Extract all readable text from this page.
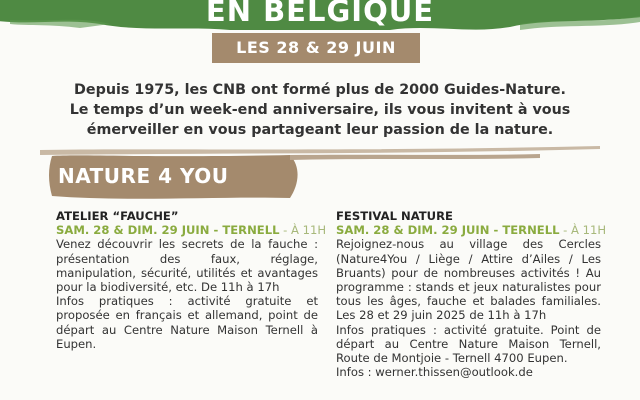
EN BELGIQUE
LES 28 & 29 JUIN
Depuis 1975, les CNB ont formé plus de 2000 Guides-Nature. Le temps d’un week-end anniversaire, ils vous invitent à vous émerveiller en vous partageant leur passion de la nature.
NATURE 4 YOU
ATELIER “FAUCHE”
SAM. 28 & DIM. 29 JUIN - TERNELL - À 11H

Venez découvrir les secrets de la fauche : présentation des faux, réglage, manipulation, sécurité, utilités et avantages pour la biodiversité, etc. De 11h à 17h

Infos pratiques : activité gratuite et proposée en français et allemand, point de départ au Centre Nature Maison Ternell à Eupen.

FESTIVAL NATURE
SAM. 28 & DIM. 29 JUIN - TERNELL - À 11H

Rejoignez-nous au village des Cercles (Nature4You / Liège / Attire d’Ailes / Les Bruants) pour de nombreuses activités ! Au programme : stands et jeux naturalistes pour tous les âges, fauche et balades familiales. Les 28 et 29 juin 2025 de 11h à 17h

Infos pratiques : activité gratuite. Point de départ au Centre Nature Maison Ternell, Route de Montjoie - Ternell 4700 Eupen.

Infos : werner.thissen@outlook.de
